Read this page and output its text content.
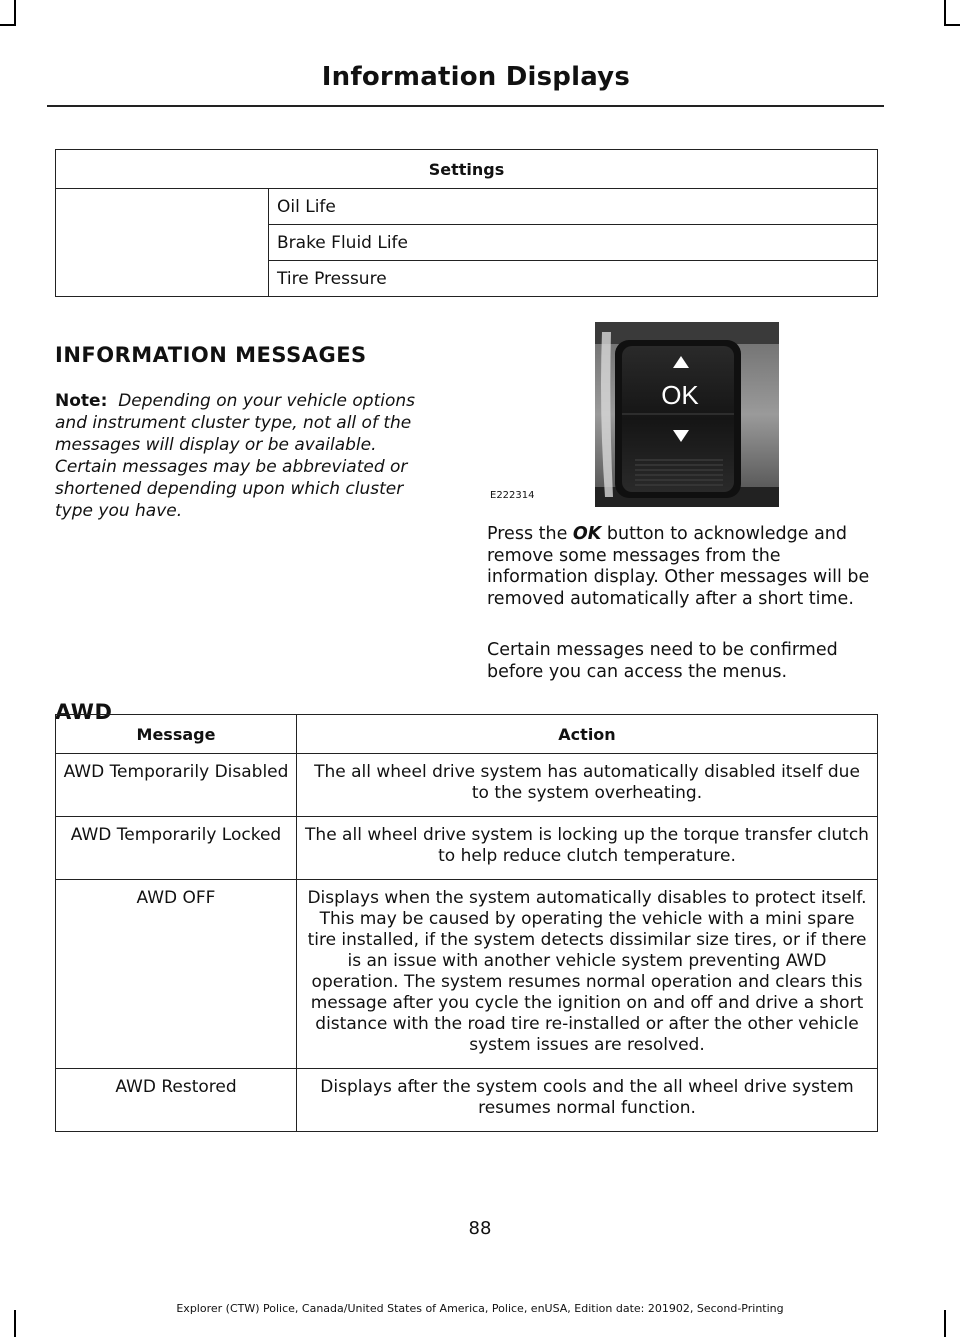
Information Displays
Settings
	Oil Life
Brake Fluid Life
Tire Pressure
INFORMATION MESSAGES
Note: Depending on your vehicle options and instrument cluster type, not all of the messages will display or be available. Certain messages may be abbreviated or shortened depending upon which cluster type you have.
OK
E222314
Press the OK button to acknowledge and remove some messages from the information display. Other messages will be removed automatically after a short time.
Certain messages need to be confirmed before you can access the menus.
AWD
Message	Action
AWD Temporarily Disabled	The all wheel drive system has automatically disabled itself due to the system overheating.
AWD Temporarily Locked	The all wheel drive system is locking up the torque transfer clutch to help reduce clutch temperature.
AWD OFF	Displays when the system automatically disables to protect itself. This may be caused by operating the vehicle with a mini spare tire installed, if the system detects dissimilar size tires, or if there is an issue with another vehicle system preventing AWD operation. The system resumes normal operation and clears this message after you cycle the ignition on and off and drive a short distance with the road tire re-installed or after the other vehicle system issues are resolved.
AWD Restored	Displays after the system cools and the all wheel drive system resumes normal function.
88
Explorer (CTW) Police, Canada/United States of America, Police, enUSA, Edition date: 201902, Second-Printing
